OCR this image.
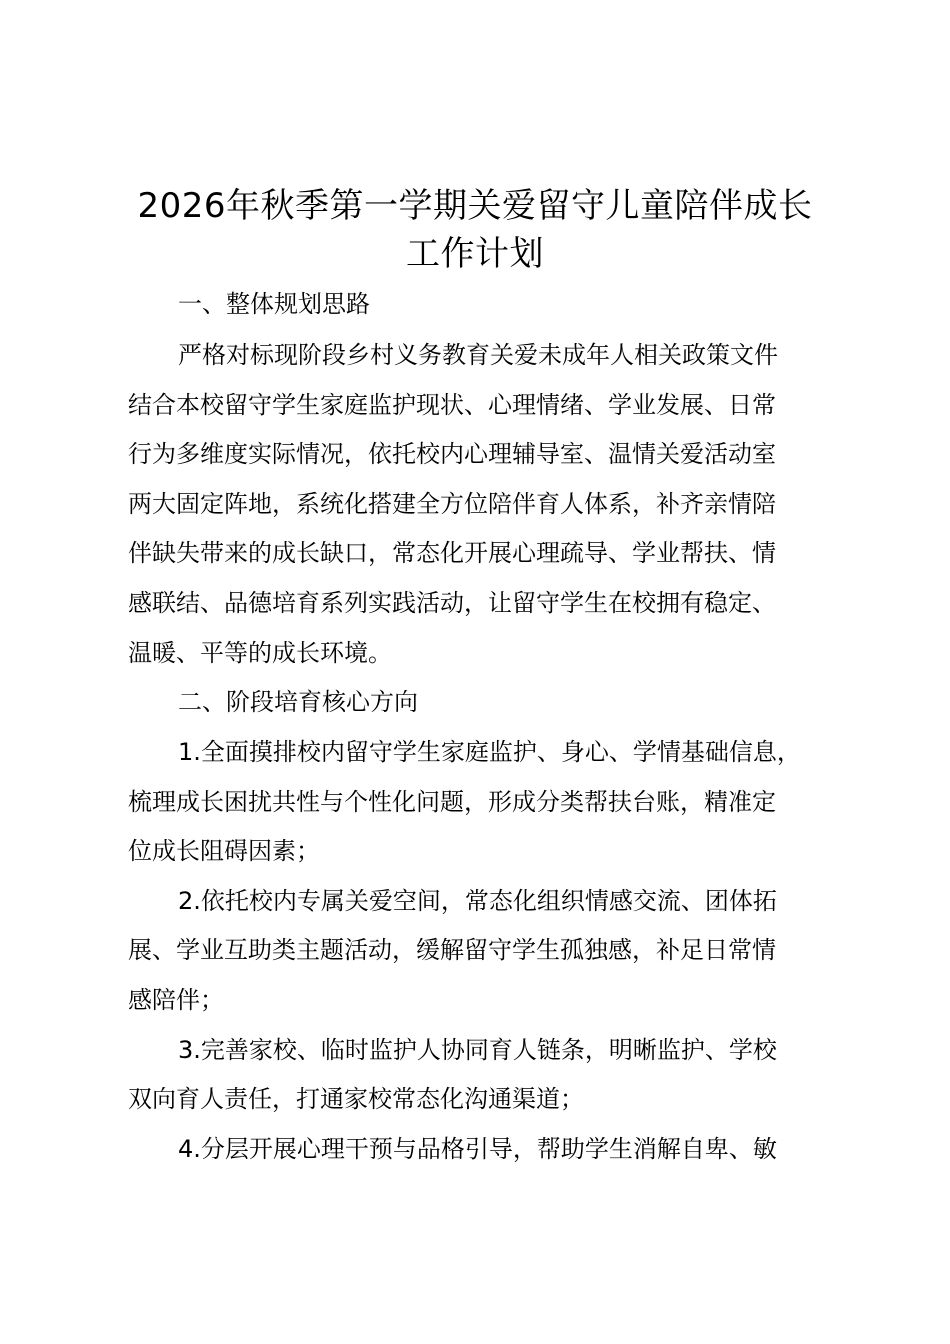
2026年秋季第一学期关爱留守儿童陪伴成长
工作计划
一、整体规划思路
严格对标现阶段乡村义务教育关爱未成年人相关政策文件
结合本校留守学生家庭监护现状、心理情绪、学业发展、日常
行为多维度实际情况，依托校内心理辅导室、温情关爱活动室
两大固定阵地，系统化搭建全方位陪伴育人体系，补齐亲情陪
伴缺失带来的成长缺口，常态化开展心理疏导、学业帮扶、情
感联结、品德培育系列实践活动，让留守学生在校拥有稳定、
温暖、平等的成长环境。
二、阶段培育核心方向
1.全面摸排校内留守学生家庭监护、身心、学情基础信息，
梳理成长困扰共性与个性化问题，形成分类帮扶台账，精准定
位成长阻碍因素；
2.依托校内专属关爱空间，常态化组织情感交流、团体拓
展、学业互助类主题活动，缓解留守学生孤独感，补足日常情
感陪伴；
3.完善家校、临时监护人协同育人链条，明晰监护、学校
双向育人责任，打通家校常态化沟通渠道；
4.分层开展心理干预与品格引导，帮助学生消解自卑、敏
